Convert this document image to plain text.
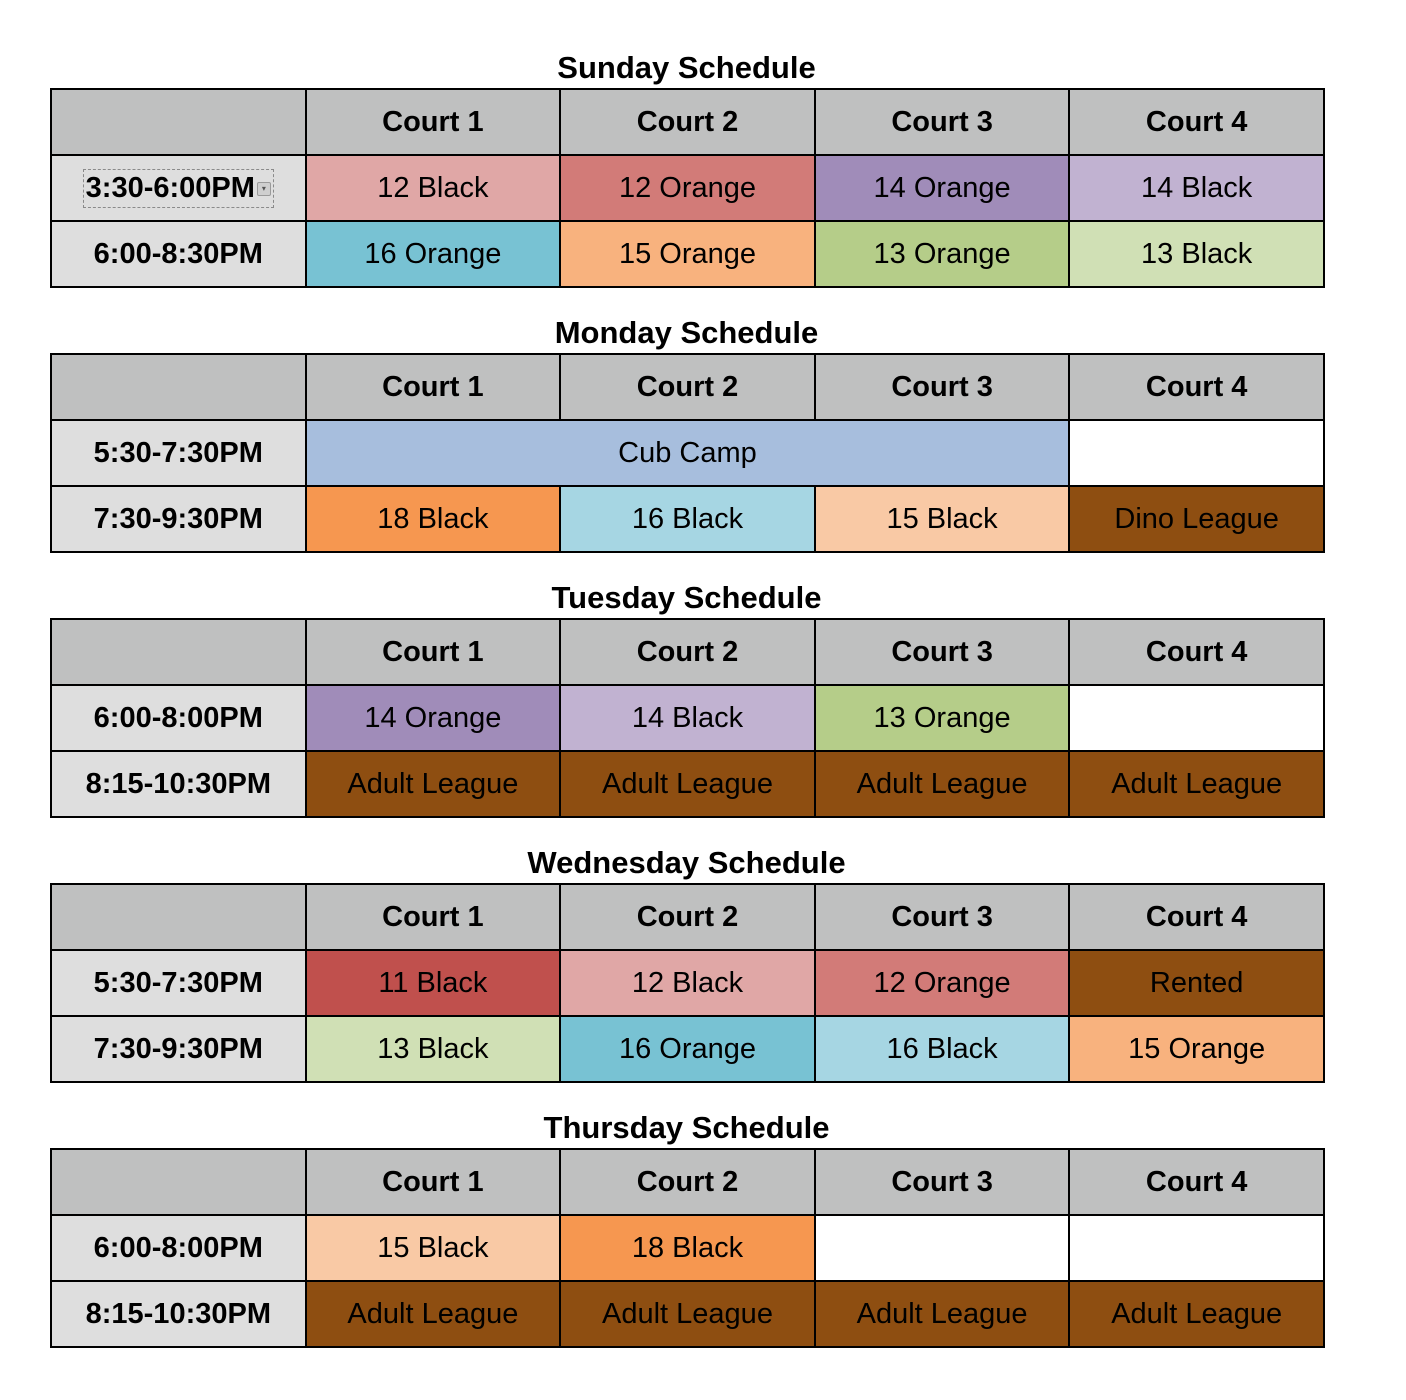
Sunday Schedule
	Court 1	Court 2	Court 3	Court 4
3:30-6:00PM ▾	12 Black	12 Orange	14 Orange	14 Black
6:00-8:30PM	16 Orange	15 Orange	13 Orange	13 Black
Monday Schedule
	Court 1	Court 2	Court 3	Court 4
5:30-7:30PM	Cub Camp			
7:30-9:30PM	18 Black	16 Black	15 Black	Dino League
Tuesday Schedule
	Court 1	Court 2	Court 3	Court 4
6:00-8:00PM	14 Orange	14 Black	13 Orange	
8:15-10:30PM	Adult League	Adult League	Adult League	Adult League
Wednesday Schedule
	Court 1	Court 2	Court 3	Court 4
5:30-7:30PM	11 Black	12 Black	12 Orange	Rented
7:30-9:30PM	13 Black	16 Orange	16 Black	15 Orange
Thursday Schedule
	Court 1	Court 2	Court 3	Court 4
6:00-8:00PM	15 Black	18 Black		
8:15-10:30PM	Adult League	Adult League	Adult League	Adult League
